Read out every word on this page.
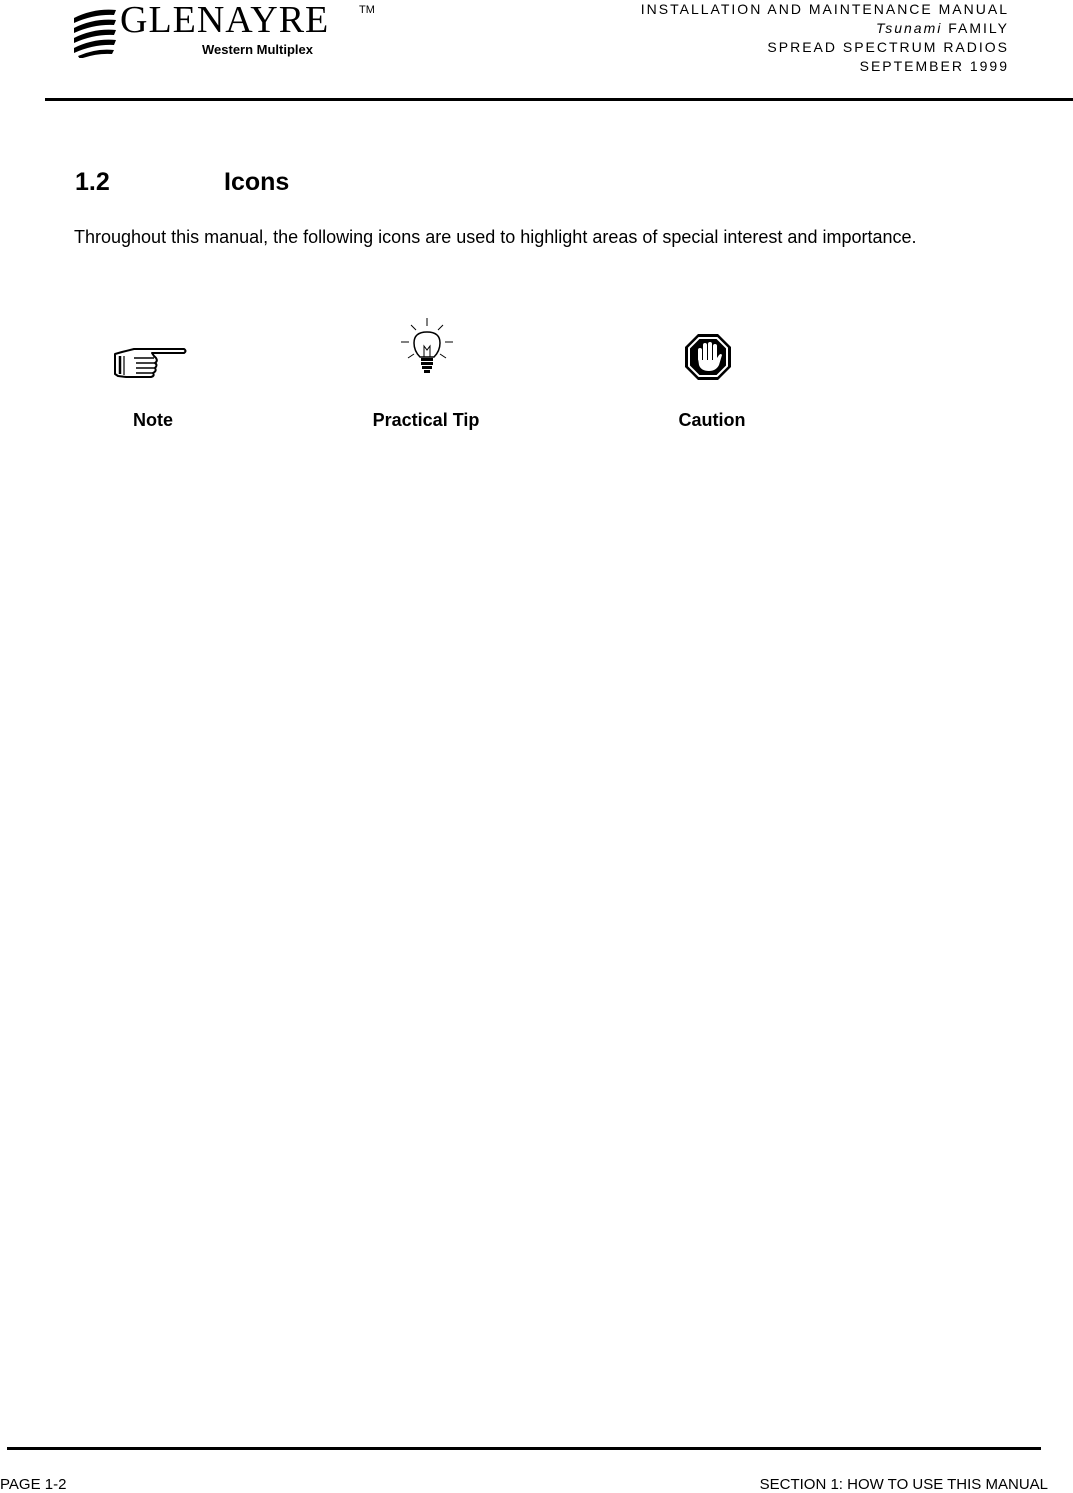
GLENAYRE	TM
Western Multiplex
INSTALLATION AND MAINTENANCE MANUAL
Tsunami FAMILY
SPREAD SPECTRUM RADIOS
SEPTEMBER 1999
1.2	Icons

Throughout this manual, the following icons are used to highlight areas of special interest and importance.

Note	Practical Tip	Caution
PAGE 1-2	SECTION 1: HOW TO USE THIS MANUAL
